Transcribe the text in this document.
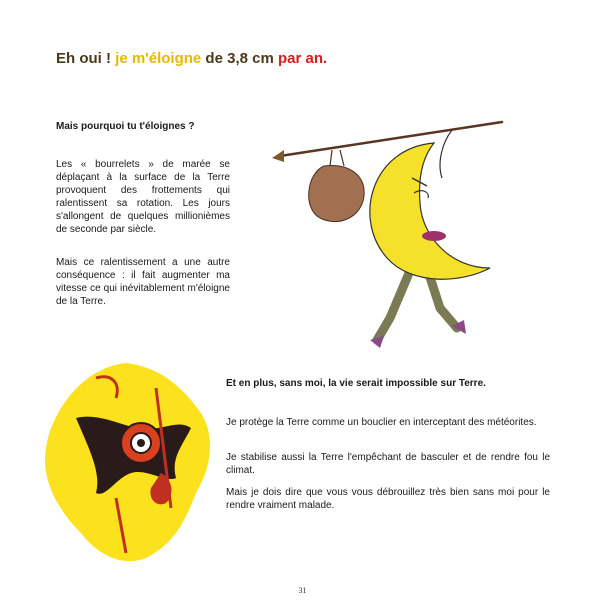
Eh oui ! je m'éloigne de 3,8 cm par an.
Mais pourquoi tu t'éloignes ?

Les « bourrelets » de marée se déplaçant à la surface de la Terre provoquent des frottements qui ralentissent sa rotation. Les jours s'allongent de quelques millionièmes de seconde par siècle.

Mais ce ralentissement a une autre conséquence : il fait augmenter ma vitesse ce qui inévitablement m'éloigne de la Terre.

Et en plus, sans moi, la vie serait impossible sur Terre.

Je protège la Terre comme un bouclier en interceptant des météorites.

Je stabilise aussi la Terre l'empêchant de basculer et de rendre fou le climat.

Mais je dois dire que vous vous débrouillez très bien sans moi pour le rendre vraiment malade.

31
